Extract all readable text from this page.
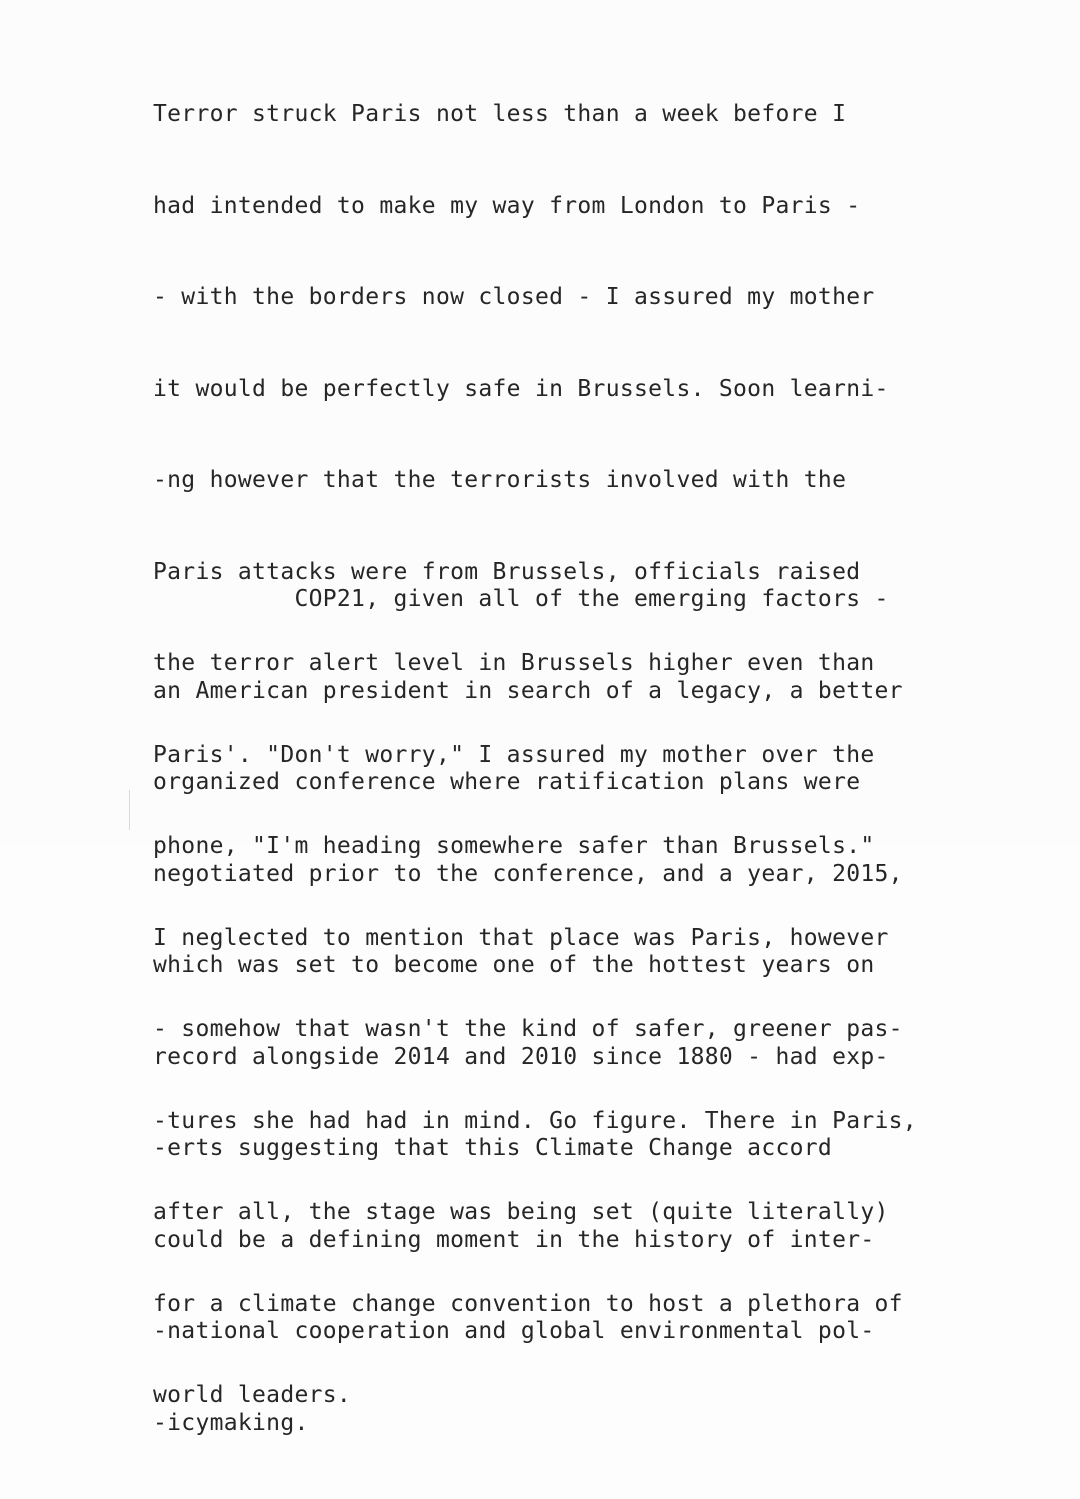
Terror struck Paris not less than a week before I

had intended to make my way from London to Paris -

- with the borders now closed - I assured my mother

it would be perfectly safe in Brussels. Soon learni-

-ng however that the terrorists involved with the

Paris attacks were from Brussels, officials raised

the terror alert level in Brussels higher even than

Paris'. "Don't worry," I assured my mother over the

phone, "I'm heading somewhere safer than Brussels."

I neglected to mention that place was Paris, however

- somehow that wasn't the kind of safer, greener pas-

-tures she had had in mind. Go figure. There in Paris,

after all, the stage was being set (quite literally)

for a climate change convention to host a plethora of

world leaders.

COP21, given all of the emerging factors -

an American president in search of a legacy, a better

organized conference where ratification plans were

negotiated prior to the conference, and a year, 2015,

which was set to become one of the hottest years on

record alongside 2014 and 2010 since 1880 - had exp-

-erts suggesting that this Climate Change accord

could be a defining moment in the history of inter-

-national cooperation and global environmental pol-

-icymaking.
